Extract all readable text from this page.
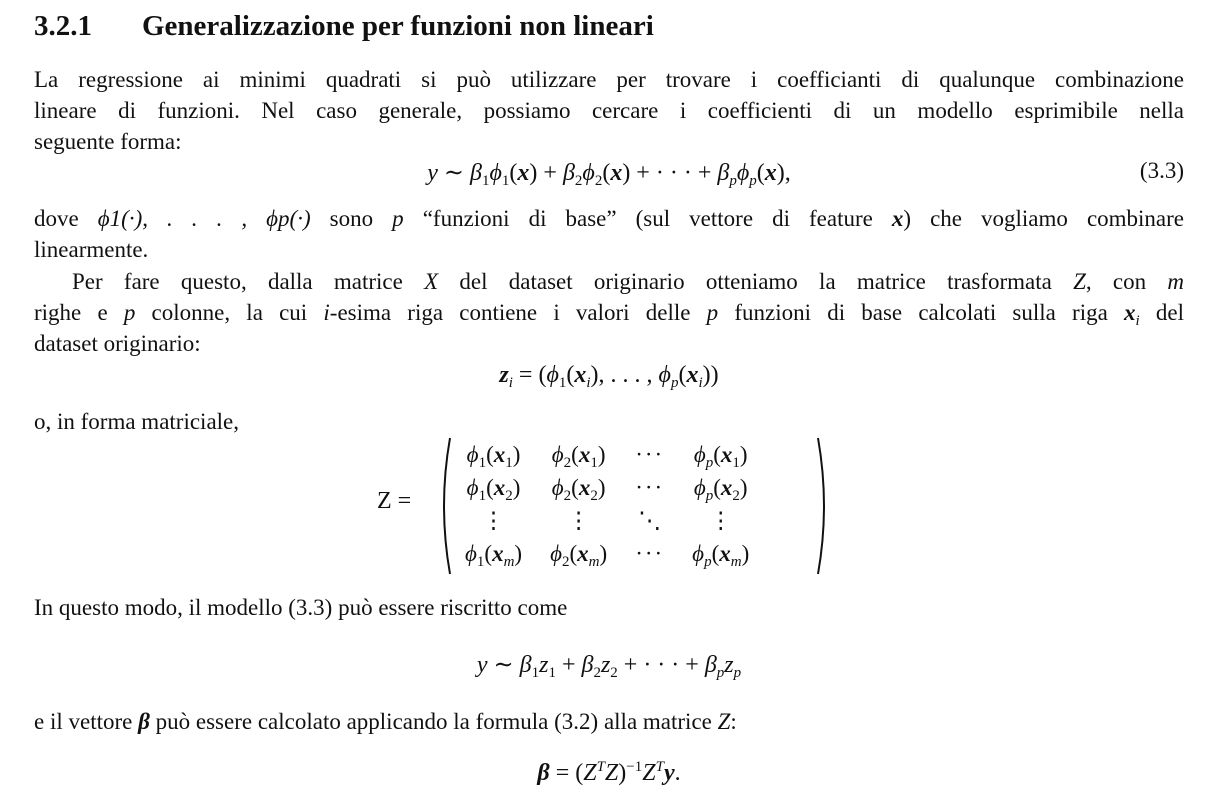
3.2.1 Generalizzazione per funzioni non lineari
La regressione ai minimi quadrati si può utilizzare per trovare i coefficianti di qualunque combinazione
lineare di funzioni. Nel caso generale, possiamo cercare i coefficienti di un modello esprimibile nella
seguente forma:
y ∼ $\beta_1\phi_1(x) + \beta_2\phi_2(x)$ + · · · + $\beta_p\phi_p(x)$,	(3.3)
dove ϕ1(·), . . . , ϕp(·) sono p “funzioni di base” (sul vettore di feature x) che vogliamo combinare
linearmente.
Per fare questo, dalla matrice X del dataset originario otteniamo la matrice trasformata Z, con m
righe e p colonne, la cui i-esima riga contiene i valori delle p funzioni di base calcolati sulla riga $x_i$ del
dataset originario:
$z_i = (\phi_1(x_i)$, . . . , $\phi_p(x_i)$)
o, in forma matriciale,
Z =
$\phi_1(x_1)$	$\phi_2(x_1)$	···	$\phi_p(x_1)$
$\phi_1(x_2)$	$\phi_2(x_2)$	···	$\phi_p(x_2)$
⋮	⋮	⋱	⋮
$\phi_1(x_m)$	$\phi_2(x_m)$	···	$\phi_p(x_m)$
In questo modo, il modello (3.3) può essere riscritto come
y ∼ $\beta_1z_1 + \beta_2z_2$ + · · · + $\beta_pz_p$
e il vettore β può essere calcolato applicando la formula (3.2) alla matrice Z:
$\beta = (Z^TZ)^{-1}Z^Ty$.
